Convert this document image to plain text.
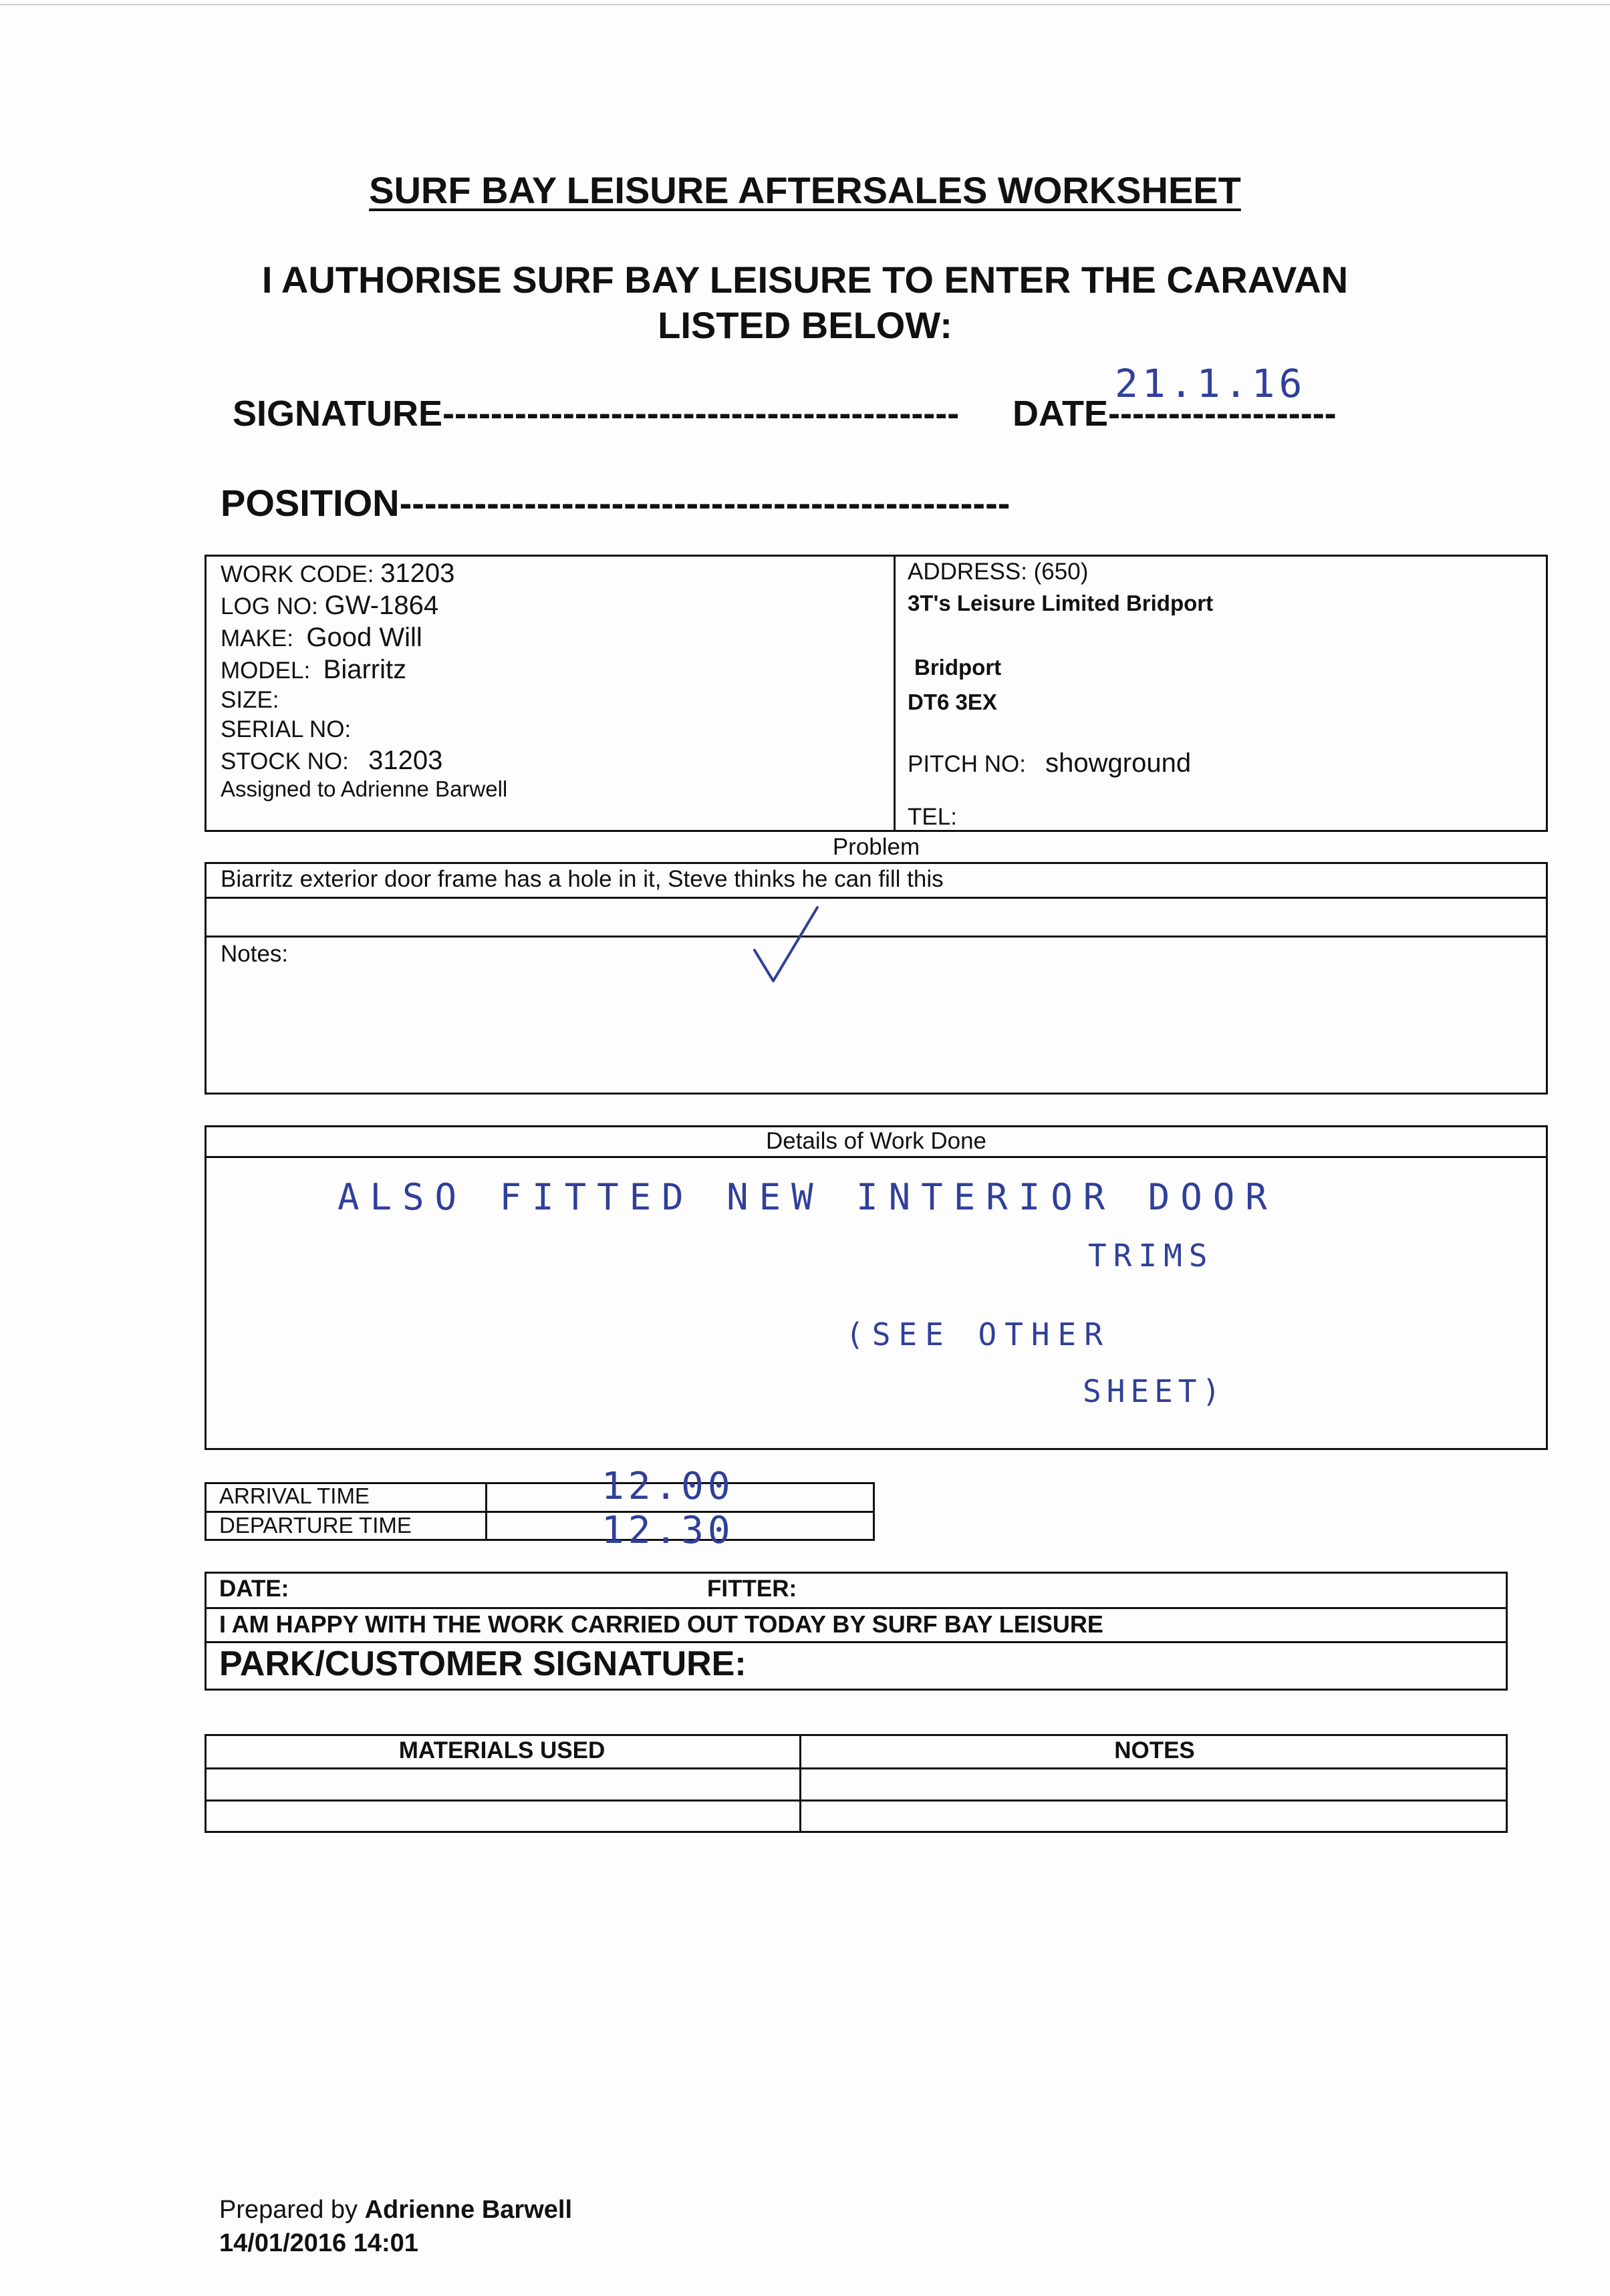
SURF BAY LEISURE AFTERSALES WORKSHEET
I AUTHORISE SURF BAY LEISURE TO ENTER THE CARAVAN
LISTED BELOW:
SIGNATURE------------------------------------------- DATE-------------------
21.1.16
POSITION-------------------------------------------------
WORK CODE: 31203
LOG NO: GW-1864
MAKE: Good Will
MODEL: Biarritz
SIZE:
SERIAL NO:
STOCK NO: 31203
Assigned to Adrienne Barwell
ADDRESS: (650)
3T's Leisure Limited Bridport
Bridport
DT6 3EX
PITCH NO: showground
TEL:
Problem
Biarritz exterior door frame has a hole in it, Steve thinks he can fill this
Notes:
Details of Work Done
ALSO FITTED NEW INTERIOR DOOR
TRIMS
(SEE OTHER
SHEET)
ARRIVAL TIME
DEPARTURE TIME
12.00
12.30
DATE:	FITTER:
I AM HAPPY WITH THE WORK CARRIED OUT TODAY BY SURF BAY LEISURE
PARK/CUSTOMER SIGNATURE:
MATERIALS USED	NOTES
Prepared by Adrienne Barwell
14/01/2016 14:01
